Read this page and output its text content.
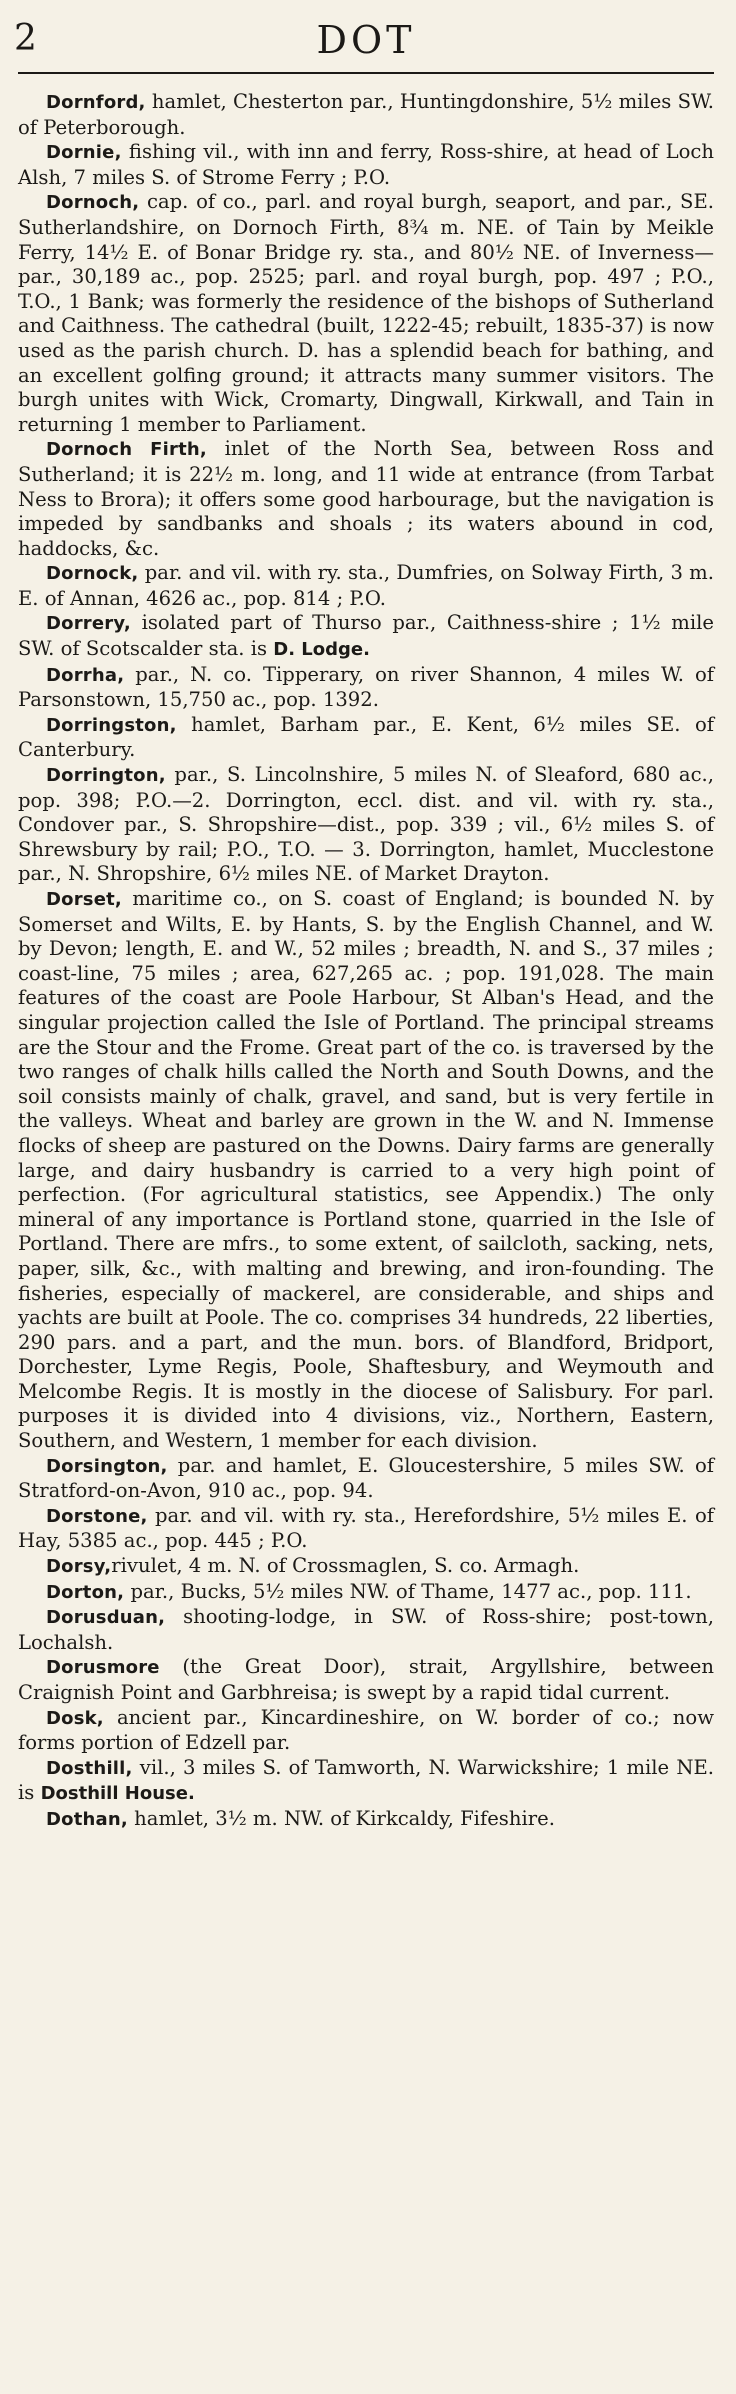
2	DOT

Dornford, hamlet, Chesterton par., Huntingdonshire, 5½ miles SW. of Peterborough.

Dornie, fishing vil., with inn and ferry, Ross-shire, at head of Loch Alsh, 7 miles S. of Strome Ferry ; P.O.

Dornoch, cap. of co., parl. and royal burgh, seaport, and par., SE. Sutherlandshire, on Dornoch Firth, 8¾ m. NE. of Tain by Meikle Ferry, 14½ E. of Bonar Bridge ry. sta., and 80½ NE. of Inverness—par., 30,189 ac., pop. 2525; parl. and royal burgh, pop. 497 ; P.O., T.O., 1 Bank; was formerly the residence of the bishops of Sutherland and Caithness. The cathedral (built, 1222-45; rebuilt, 1835-37) is now used as the parish church. D. has a splendid beach for bathing, and an excellent golfing ground; it attracts many summer visitors. The burgh unites with Wick, Cromarty, Dingwall, Kirkwall, and Tain in returning 1 member to Parliament.

Dornoch Firth, inlet of the North Sea, between Ross and Sutherland; it is 22½ m. long, and 11 wide at entrance (from Tarbat Ness to Brora); it offers some good harbourage, but the navigation is impeded by sandbanks and shoals ; its waters abound in cod, haddocks, &c.

Dornock, par. and vil. with ry. sta., Dumfries, on Solway Firth, 3 m. E. of Annan, 4626 ac., pop. 814 ; P.O.

Dorrery, isolated part of Thurso par., Caithness-shire ; 1½ mile SW. of Scotscalder sta. is D. Lodge.

Dorrha, par., N. co. Tipperary, on river Shannon, 4 miles W. of Parsonstown, 15,750 ac., pop. 1392.

Dorringston, hamlet, Barham par., E. Kent, 6½ miles SE. of Canterbury.

Dorrington, par., S. Lincolnshire, 5 miles N. of Sleaford, 680 ac., pop. 398; P.O.—2. Dorrington, eccl. dist. and vil. with ry. sta., Condover par., S. Shropshire—dist., pop. 339 ; vil., 6½ miles S. of Shrewsbury by rail; P.O., T.O. — 3. Dorrington, hamlet, Mucclestone par., N. Shropshire, 6½ miles NE. of Market Drayton.

Dorset, maritime co., on S. coast of England; is bounded N. by Somerset and Wilts, E. by Hants, S. by the English Channel, and W. by Devon; length, E. and W., 52 miles ; breadth, N. and S., 37 miles ; coast-line, 75 miles ; area, 627,265 ac. ; pop. 191,028. The main features of the coast are Poole Harbour, St Alban's Head, and the singular projection called the Isle of Portland. The principal streams are the Stour and the Frome. Great part of the co. is traversed by the two ranges of chalk hills called the North and South Downs, and the soil consists mainly of chalk, gravel, and sand, but is very fertile in the valleys. Wheat and barley are grown in the W. and N. Immense flocks of sheep are pastured on the Downs. Dairy farms are generally large, and dairy husbandry is carried to a very high point of perfection. (For agricultural statistics, see Appendix.) The only mineral of any importance is Portland stone, quarried in the Isle of Portland. There are mfrs., to some extent, of sailcloth, sacking, nets, paper, silk, &c., with malting and brewing, and iron-founding. The fisheries, especially of mackerel, are considerable, and ships and yachts are built at Poole. The co. comprises 34 hundreds, 22 liberties, 290 pars. and a part, and the mun. bors. of Blandford, Bridport, Dorchester, Lyme Regis, Poole, Shaftesbury, and Weymouth and Melcombe Regis. It is mostly in the diocese of Salisbury. For parl. purposes it is divided into 4 divisions, viz., Northern, Eastern, Southern, and Western, 1 member for each division.

Dorsington, par. and hamlet, E. Gloucestershire, 5 miles SW. of Stratford-on-Avon, 910 ac., pop. 94.

Dorstone, par. and vil. with ry. sta., Herefordshire, 5½ miles E. of Hay, 5385 ac., pop. 445 ; P.O.

Dorsy,rivulet, 4 m. N. of Crossmaglen, S. co. Armagh.

Dorton, par., Bucks, 5½ miles NW. of Thame, 1477 ac., pop. 111.

Dorusduan, shooting-lodge, in SW. of Ross-shire; post-town, Lochalsh.

Dorusmore (the Great Door), strait, Argyllshire, between Craignish Point and Garbhreisa; is swept by a rapid tidal current.

Dosk, ancient par., Kincardineshire, on W. border of co.; now forms portion of Edzell par.

Dosthill, vil., 3 miles S. of Tamworth, N. Warwickshire; 1 mile NE. is Dosthill House.

Dothan, hamlet, 3½ m. NW. of Kirkcaldy, Fifeshire.
